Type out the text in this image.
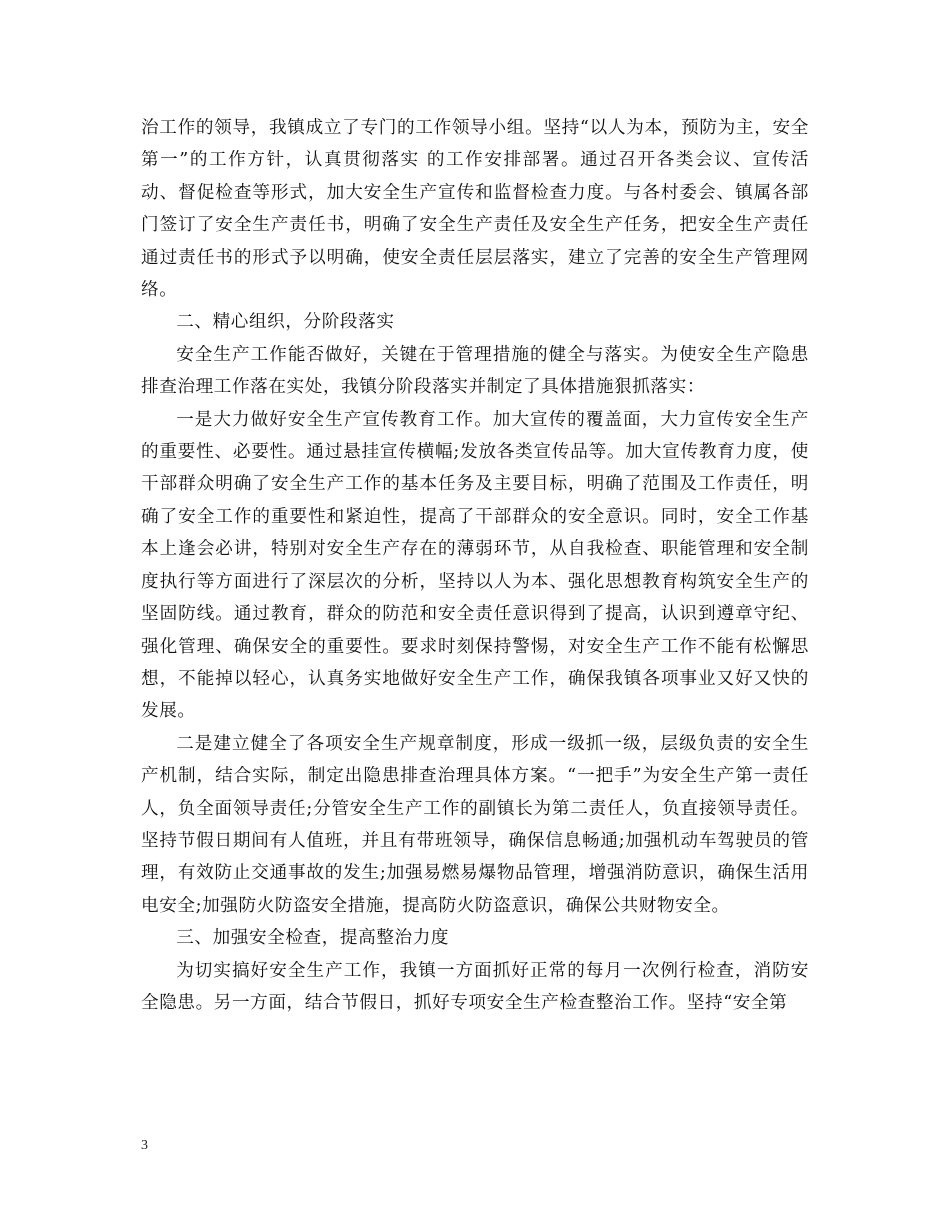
治工作的领导，我镇成立了专门的工作领导小组。坚持“以人为本，预防为主，安全第一”的工作方针，认真贯彻落实 的工作安排部署。通过召开各类会议、宣传活动、督促检查等形式，加大安全生产宣传和监督检查力度。与各村委会、镇属各部门签订了安全生产责任书，明确了安全生产责任及安全生产任务，把安全生产责任通过责任书的形式予以明确，使安全责任层层落实，建立了完善的安全生产管理网络。

二、精心组织，分阶段落实

安全生产工作能否做好，关键在于管理措施的健全与落实。为使安全生产隐患排查治理工作落在实处，我镇分阶段落实并制定了具体措施狠抓落实：

一是大力做好安全生产宣传教育工作。加大宣传的覆盖面，大力宣传安全生产的重要性、必要性。通过悬挂宣传横幅;发放各类宣传品等。加大宣传教育力度，使干部群众明确了安全生产工作的基本任务及主要目标，明确了范围及工作责任，明确了安全工作的重要性和紧迫性，提高了干部群众的安全意识。同时，安全工作基本上逢会必讲，特别对安全生产存在的薄弱环节，从自我检查、职能管理和安全制度执行等方面进行了深层次的分析，坚持以人为本、强化思想教育构筑安全生产的坚固防线。通过教育，群众的防范和安全责任意识得到了提高，认识到遵章守纪、强化管理、确保安全的重要性。要求时刻保持警惕，对安全生产工作不能有松懈思想，不能掉以轻心，认真务实地做好安全生产工作，确保我镇各项事业又好又快的发展。

二是建立健全了各项安全生产规章制度，形成一级抓一级，层级负责的安全生产机制，结合实际，制定出隐患排查治理具体方案。“一把手”为安全生产第一责任人，负全面领导责任;分管安全生产工作的副镇长为第二责任人，负直接领导责任。坚持节假日期间有人值班，并且有带班领导，确保信息畅通;加强机动车驾驶员的管理，有效防止交通事故的发生;加强易燃易爆物品管理，增强消防意识，确保生活用电安全;加强防火防盗安全措施，提高防火防盗意识，确保公共财物安全。

三、加强安全检查，提高整治力度

为切实搞好安全生产工作，我镇一方面抓好正常的每月一次例行检查，消防安全隐患。另一方面，结合节假日，抓好专项安全生产检查整治工作。坚持“安全第

3
